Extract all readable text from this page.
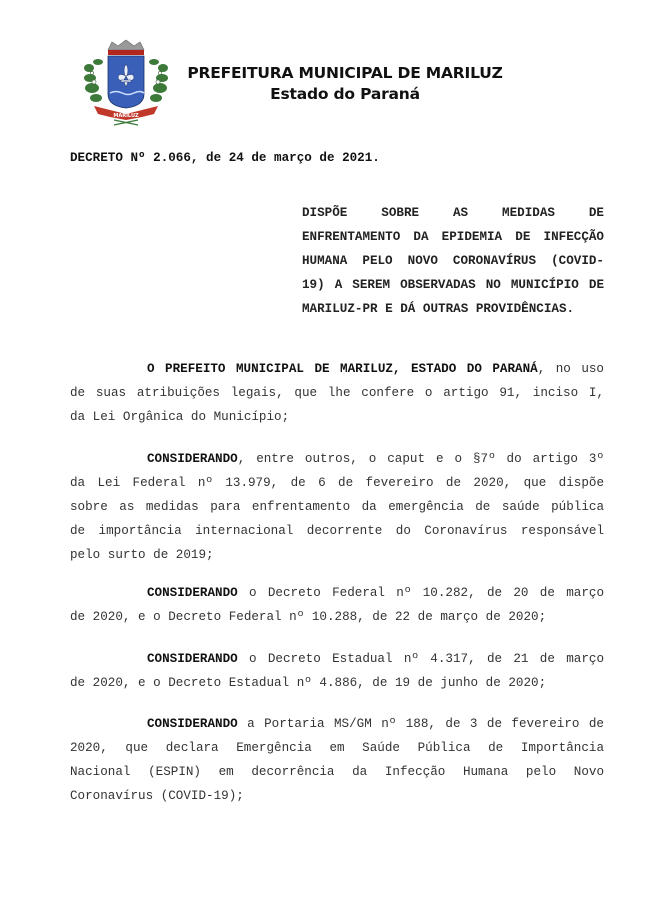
MARILUZ
PREFEITURA MUNICIPAL DE MARILUZ
Estado do Paraná
DECRETO Nº 2.066, de 24 de março de 2021.
DISPÕE SOBRE AS MEDIDAS DE
ENFRENTAMENTO DA EPIDEMIA DE INFECÇÃO
HUMANA PELO NOVO CORONAVÍRUS (COVID-
19) A SEREM OBSERVADAS NO MUNICÍPIO DE
MARILUZ-PR E DÁ OUTRAS PROVIDÊNCIAS.
O PREFEITO MUNICIPAL DE MARILUZ, ESTADO DO PARANÁ, no uso
de suas atribuições legais, que lhe confere o artigo 91, inciso I,
da Lei Orgânica do Município;
CONSIDERANDO, entre outros, o caput e o §7º do artigo 3º
da Lei Federal nº 13.979, de 6 de fevereiro de 2020, que dispõe
sobre as medidas para enfrentamento da emergência de saúde pública
de importância internacional decorrente do Coronavírus responsável
pelo surto de 2019;
CONSIDERANDO o Decreto Federal nº 10.282, de 20 de março
de 2020, e o Decreto Federal nº 10.288, de 22 de março de 2020;
CONSIDERANDO o Decreto Estadual nº 4.317, de 21 de março
de 2020, e o Decreto Estadual nº 4.886, de 19 de junho de 2020;
CONSIDERANDO a Portaria MS/GM nº 188, de 3 de fevereiro de
2020, que declara Emergência em Saúde Pública de Importância
Nacional (ESPIN) em decorrência da Infecção Humana pelo Novo
Coronavírus (COVID-19);
